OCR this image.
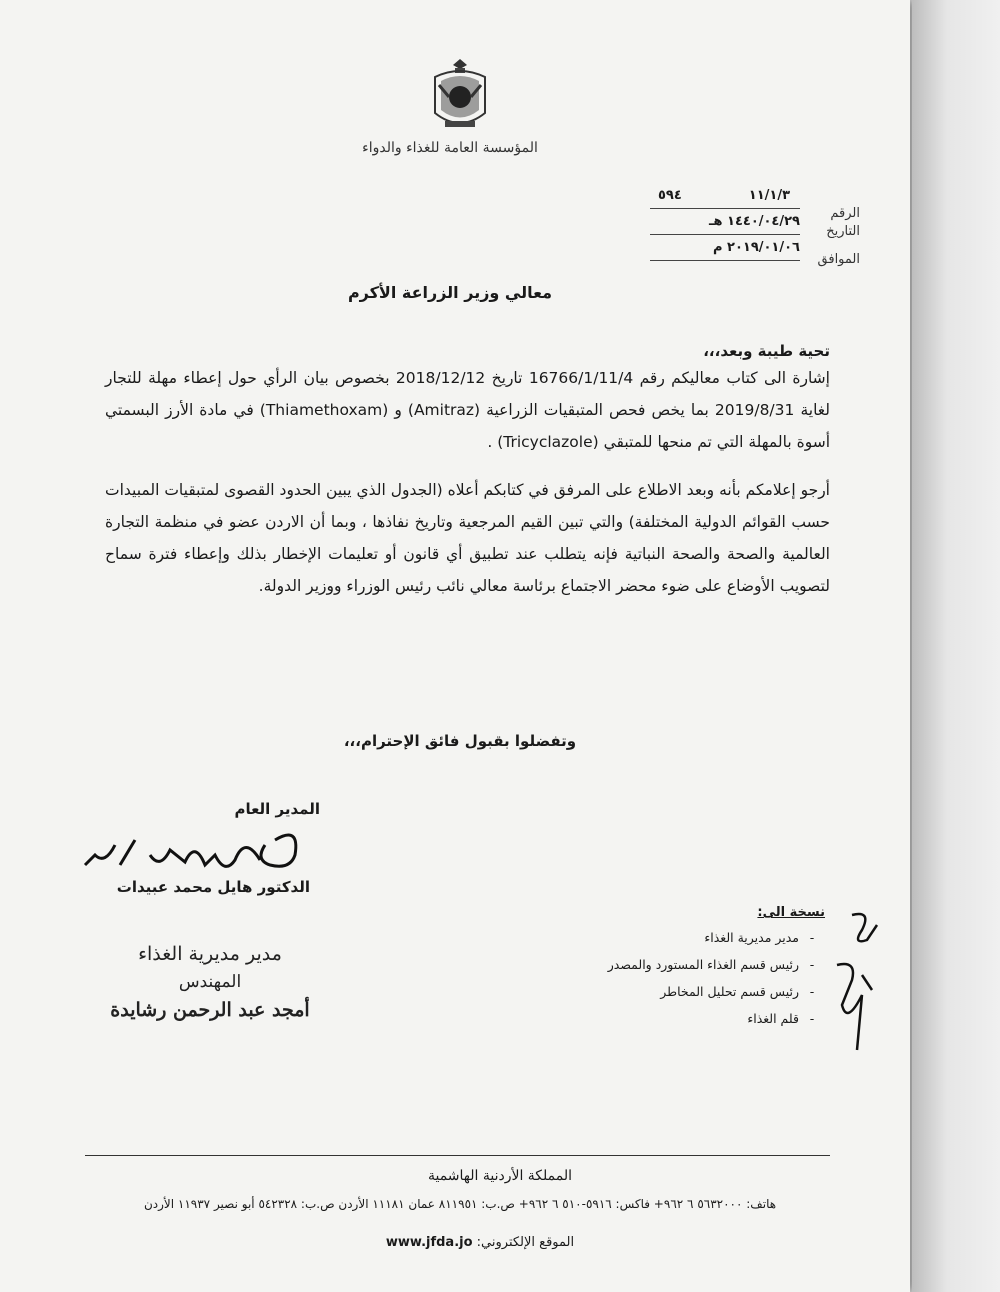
المؤسسة العامة للغذاء والدواء
الرقم
١١/١/٣
٥٩٤
التاريخ
١٤٤٠/٠٤/٢٩ هـ
الموافق
٢٠١٩/٠١/٠٦ م
معالي وزير الزراعة الأكرم
تحية طيبة وبعد،،،
إشارة الى كتاب معاليكم رقم 16766/1/11/4 تاريخ 2018/12/12 بخصوص بيان الرأي حول إعطاء مهلة للتجار لغاية 2019/8/31 بما يخص فحص المتبقيات الزراعية (Amitraz) و (Thiamethoxam) في مادة الأرز البسمتي أسوة بالمهلة التي تم منحها للمتبقي (Tricyclazole) .
أرجو إعلامكم بأنه وبعد الاطلاع على المرفق في كتابكم أعلاه (الجدول الذي يبين الحدود القصوى لمتبقيات المبيدات حسب القوائم الدولية المختلفة) والتي تبين القيم المرجعية وتاريخ نفاذها ، وبما أن الاردن عضو في منظمة التجارة العالمية والصحة والصحة النباتية فإنه يتطلب عند تطبيق أي قانون أو تعليمات الإخطار بذلك وإعطاء فترة سماح لتصويب الأوضاع على ضوء محضر الاجتماع برئاسة معالي نائب رئيس الوزراء ووزير الدولة.
وتفضلوا بقبول فائق الإحترام،،،
المدير العام
الدكتور هايل محمد عبيدات
مدير مديرية الغذاء
المهندس
أمجد عبد الرحمن رشايدة
نسخة الى:
-مدير مديرية الغذاء
-رئيس قسم الغذاء المستورد والمصدر
-رئيس قسم تحليل المخاطر
-قلم الغذاء
المملكة الأردنية الهاشمية
هاتف: ٥٦٣٢٠٠٠ ٦ ٩٦٢+ فاكس: ٥٩١٦-٥١٠ ٦ ٩٦٢+ ص.ب: ٨١١٩٥١ عمان ١١١٨١ الأردن ص.ب: ٥٤٢٣٢٨ أبو نصير ١١٩٣٧ الأردن
الموقع الإلكتروني: www.jfda.jo
